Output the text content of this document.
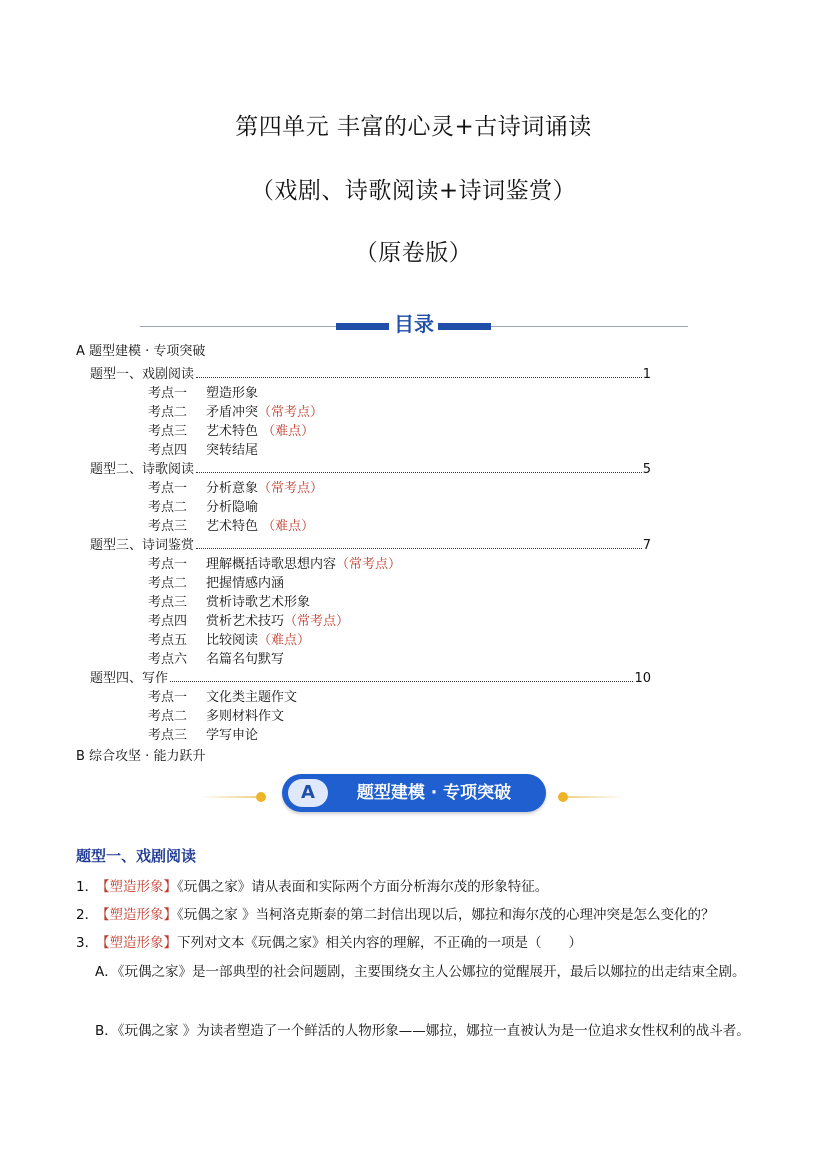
第四单元 丰富的心灵+古诗词诵读
（戏剧、诗歌阅读+诗词鉴赏）
（原卷版）
目录
A 题型建模 · 专项突破
题型一、戏剧阅读	1
考点一 塑造形象
考点二 矛盾冲突（常考点）
考点三 艺术特色 （难点）
考点四 突转结尾
题型二、诗歌阅读	5
考点一 分析意象（常考点）
考点二 分析隐喻
考点三 艺术特色 （难点）
题型三、诗词鉴赏	7
考点一 理解概括诗歌思想内容（常考点）
考点二 把握情感内涵
考点三 赏析诗歌艺术形象
考点四 赏析艺术技巧（常考点）
考点五 比较阅读（难点）
考点六 名篇名句默写
题型四、写作	10
考点一 文化类主题作文
考点二 多则材料作文
考点三 学写申论
B 综合攻坚 · 能力跃升
A	题型建模 · 专项突破
题型一、戏剧阅读
1．【塑造形象】《玩偶之家》请从表面和实际两个方面分析海尔茂的形象特征。
2．【塑造形象】《玩偶之家 》当柯洛克斯泰的第二封信出现以后，娜拉和海尔茂的心理冲突是怎么变化的？
3．【塑造形象】下列对文本《玩偶之家》相关内容的理解，不正确的一项是（　　）
A．《玩偶之家》是一部典型的社会问题剧，主要围绕女主人公娜拉的觉醒展开，最后以娜拉的出走结束全剧。
B．《玩偶之家 》为读者塑造了一个鲜活的人物形象——娜拉，娜拉一直被认为是一位追求女性权利的战斗者。
